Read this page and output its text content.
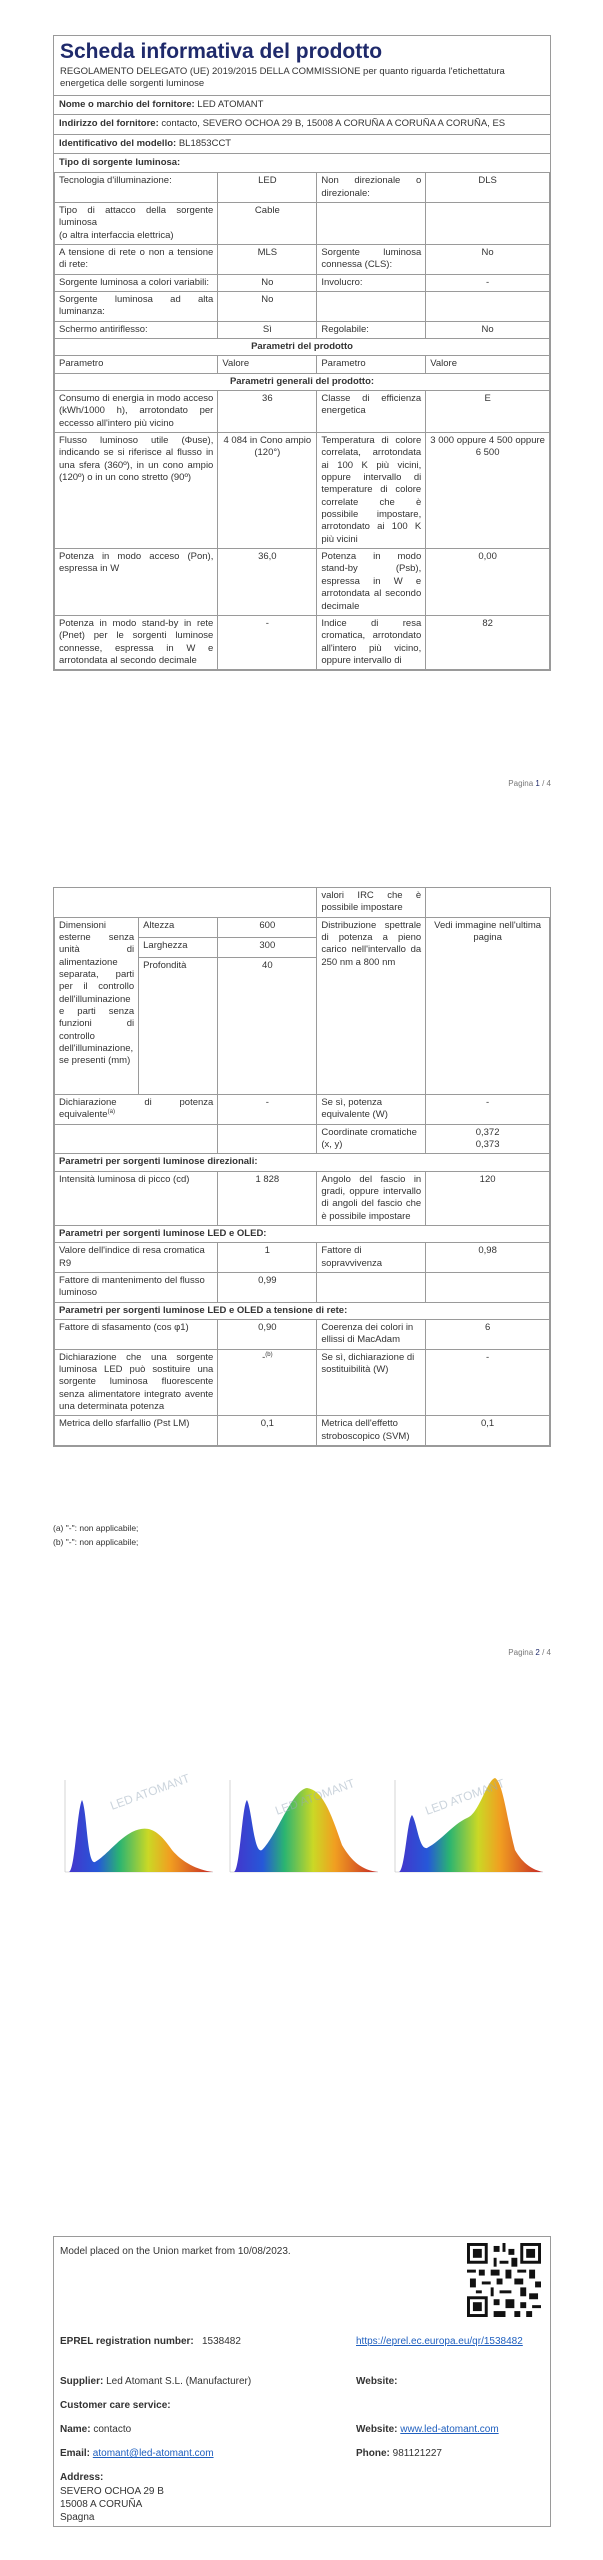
Scheda informativa del prodotto
REGOLAMENTO DELEGATO (UE) 2019/2015 DELLA COMMISSIONE per quanto riguarda l'etichettatura energetica delle sorgenti luminose
Nome o marchio del fornitore: LED ATOMANT
Indirizzo del fornitore: contacto, SEVERO OCHOA 29 B, 15008 A CORUÑA A CORUÑA A CORUÑA, ES
Identificativo del modello: BL1853CCT
Tipo di sorgente luminosa:
Tecnologia d'illuminazione:	LED	Non direzionale o direzionale:	DLS
Tipo di attacco della sorgente luminosa
(o altra interfaccia elettrica)	Cable		
A tensione di rete o non a tensione di rete:	MLS	Sorgente luminosa connessa (CLS):	No
Sorgente luminosa a colori variabili:	No	Involucro:	-
Sorgente luminosa ad alta luminanza:	No		
Schermo antiriflesso:	Sì	Regolabile:	No
Parametri del prodotto			
Parametro	Valore	Parametro	Valore
Parametri generali del prodotto:			
Consumo di energia in modo acceso (kWh/1000 h), arrotondato per eccesso all'intero più vicino	36	Classe di efficienza energetica	E
Flusso luminoso utile (Φuse), indicando se si riferisce al flusso in una sfera (360º), in un cono ampio (120º) o in un cono stretto (90º)	4 084 in Cono ampio (120°)	Temperatura di colore correlata, arrotondata ai 100 K più vicini, oppure intervallo di temperature di colore correlate che è possibile impostare, arrotondato ai 100 K più vicini	3 000 oppure 4 500 oppure 6 500
Potenza in modo acceso (Pon), espressa in W	36,0	Potenza in modo stand-by (Psb), espressa in W e arrotondata al secondo decimale	0,00
Potenza in modo stand-by in rete (Pnet) per le sorgenti luminose connesse, espressa in W e arrotondata al secondo decimale	-	Indice di resa cromatica, arrotondato all'intero più vicino, oppure intervallo di	82
Pagina 1 / 4
			valori IRC che è possibile impostare	
Dimensioni esterne senza unità di alimentazione separata, parti per il controllo dell'illuminazione e parti senza funzioni di controllo dell'illuminazione, se presenti (mm)	Altezza	600	Distribuzione spettrale di potenza a pieno carico nell'intervallo da 250 nm a 800 nm	Vedi immagine nell'ultima pagina
	Larghezza	300		
	Profondità	40		
Dichiarazione di potenza equivalente$^{(a)}$		-	Se sì, potenza equivalente (W)	-
			Coordinate cromatiche (x, y)	0,372
0,373
Parametri per sorgenti luminose direzionali:				
Intensità luminosa di picco (cd)		1 828	Angolo del fascio in gradi, oppure intervallo di angoli del fascio che è possibile impostare	120
Parametri per sorgenti luminose LED e OLED:				
Valore dell'indice di resa cromatica R9		1	Fattore di sopravvivenza	0,98
Fattore di mantenimento del flusso luminoso		0,99		
Parametri per sorgenti luminose LED e OLED a tensione di rete:				
Fattore di sfasamento (cos φ1)		0,90	Coerenza dei colori in ellissi di MacAdam	6
Dichiarazione che una sorgente luminosa LED può sostituire una sorgente luminosa fluorescente senza alimentatore integrato avente una determinata potenza		-$^{(b)}$	Se sì, dichiarazione di sostituibilità (W)	-
Metrica dello sfarfallio (Pst LM)		0,1	Metrica dell'effetto stroboscopico (SVM)	0,1
(a) "-": non applicabile;
(b) "-": non applicabile;
Pagina 2 / 4
LED ATOMANT	LED ATOMANT	LED ATOMANT
Model placed on the Union market from 10/08/2023.
EPREL registration number: 1538482	https://eprel.ec.europa.eu/qr/1538482
Supplier: Led Atomant S.L. (Manufacturer)	Website:
Customer care service:
Name: contacto	Website: www.led-atomant.com
Email: atomant@led-atomant.com	Phone: 981121227
Address:
SEVERO OCHOA 29 B
15008 A CORUÑA
Spagna
